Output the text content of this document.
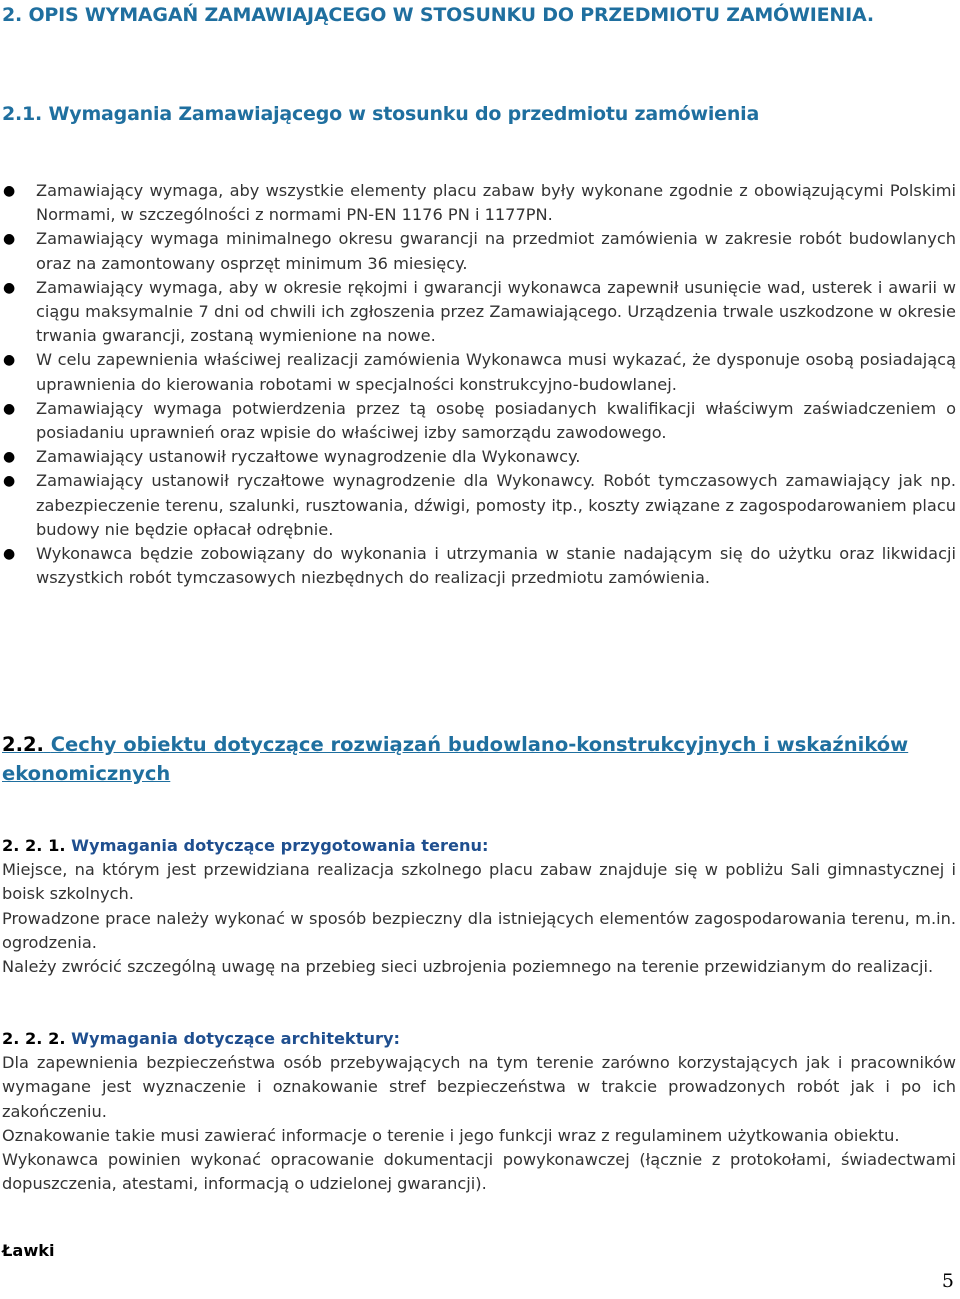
2. OPIS WYMAGAŃ ZAMAWIAJĄCEGO W STOSUNKU DO PRZEDMIOTU ZAMÓWIENIA.
2.1. Wymagania Zamawiającego w stosunku do przedmiotu zamówienia
● Zamawiający wymaga, aby wszystkie elementy placu zabaw były wykonane zgodnie z obowiązującymi Polskimi Normami, w szczególności z normami PN-EN 1176 PN i 1177PN.
● Zamawiający wymaga minimalnego okresu gwarancji na przedmiot zamówienia w zakresie robót budowlanych oraz na zamontowany osprzęt minimum 36 miesięcy.
● Zamawiający wymaga, aby w okresie rękojmi i gwarancji wykonawca zapewnił usunięcie wad, usterek i awarii w ciągu maksymalnie 7 dni od chwili ich zgłoszenia przez Zamawiającego. Urządzenia trwale uszkodzone w okresie trwania gwarancji, zostaną wymienione na nowe.
● W celu zapewnienia właściwej realizacji zamówienia Wykonawca musi wykazać, że dysponuje osobą posiadającą uprawnienia do kierowania robotami w specjalności konstrukcyjno-budowlanej.
● Zamawiający wymaga potwierdzenia przez tą osobę posiadanych kwalifikacji właściwym zaświadczeniem o posiadaniu uprawnień oraz wpisie do właściwej izby samorządu zawodowego.
● Zamawiający ustanowił ryczałtowe wynagrodzenie dla Wykonawcy.
● Zamawiający ustanowił ryczałtowe wynagrodzenie dla Wykonawcy. Robót tymczasowych zamawiający jak np. zabezpieczenie terenu, szalunki, rusztowania, dźwigi, pomosty itp., koszty związane z zagospodarowaniem placu budowy nie będzie opłacał odrębnie.
● Wykonawca będzie zobowiązany do wykonania i utrzymania w stanie nadającym się do użytku oraz likwidacji wszystkich robót tymczasowych niezbędnych do realizacji przedmiotu zamówienia.
2.2. Cechy obiektu dotyczące rozwiązań budowlano-konstrukcyjnych i wskaźników ekonomicznych
2. 2. 1. Wymagania dotyczące przygotowania terenu:

Miejsce, na którym jest przewidziana realizacja szkolnego placu zabaw znajduje się w pobliżu Sali gimnastycznej i boisk szkolnych.

Prowadzone prace należy wykonać w sposób bezpieczny dla istniejących elementów zagospodarowania terenu, m.in. ogrodzenia.

Należy zwrócić szczególną uwagę na przebieg sieci uzbrojenia poziemnego na terenie przewidzianym do realizacji.

2. 2. 2. Wymagania dotyczące architektury:

Dla zapewnienia bezpieczeństwa osób przebywających na tym terenie zarówno korzystających jak i pracowników wymagane jest wyznaczenie i oznakowanie stref bezpieczeństwa w trakcie prowadzonych robót jak i po ich zakończeniu.

Oznakowanie takie musi zawierać informacje o terenie i jego funkcji wraz z regulaminem użytkowania obiektu.

Wykonawca powinien wykonać opracowanie dokumentacji powykonawczej (łącznie z protokołami, świadectwami dopuszczenia, atestami, informacją o udzielonej gwarancji).

Ławki
5
